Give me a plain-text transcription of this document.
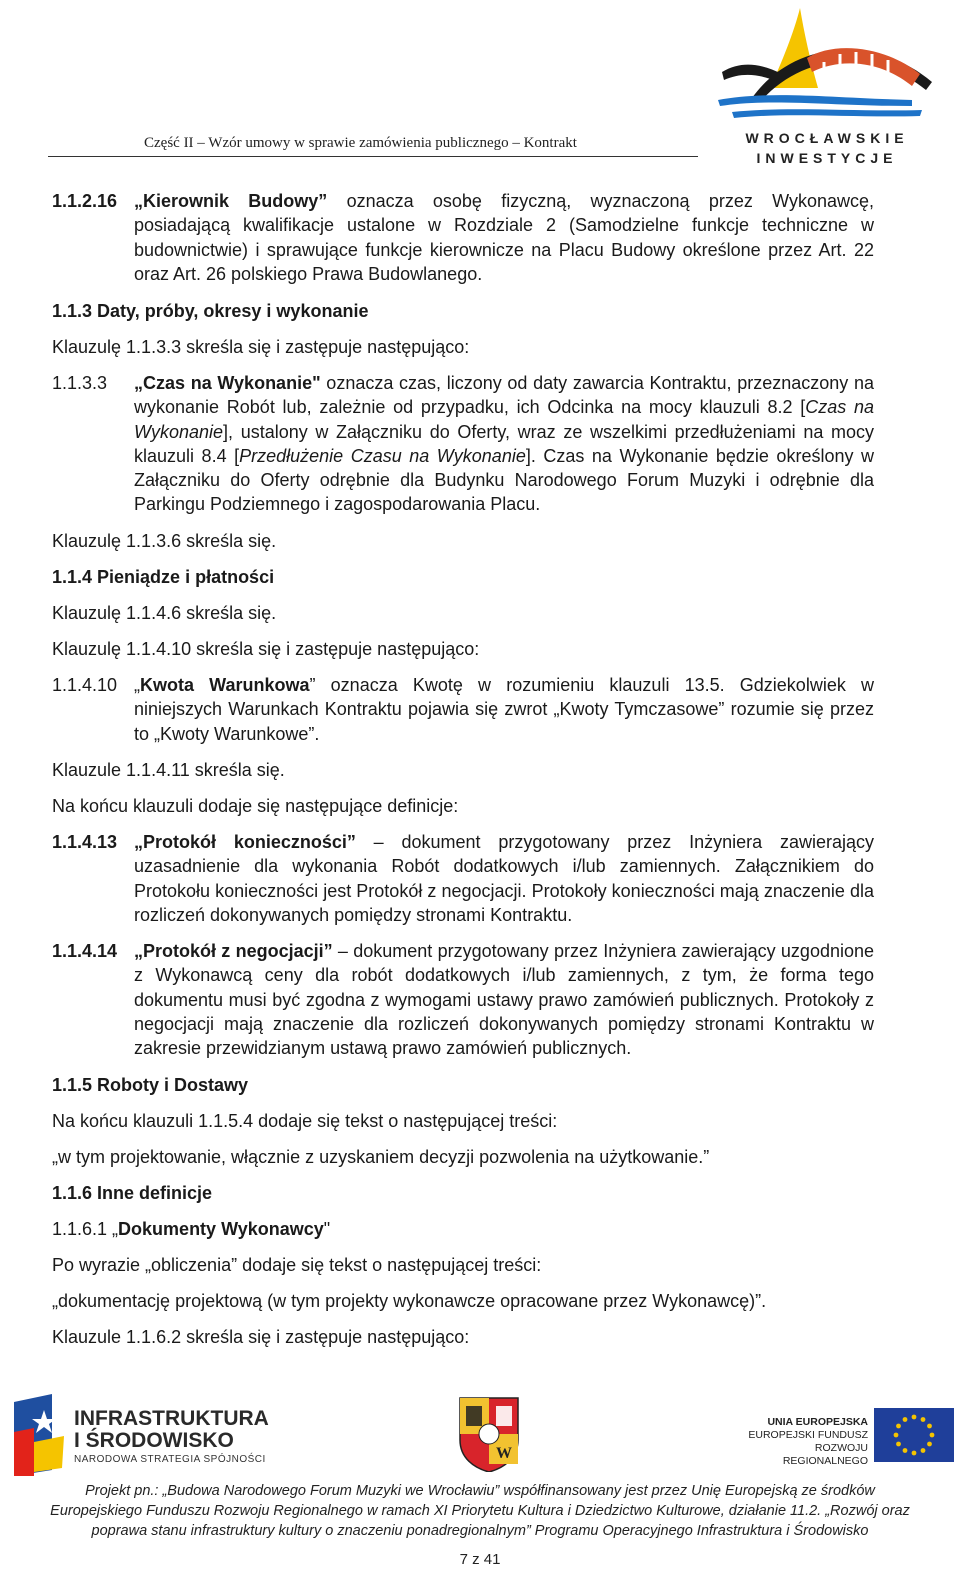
Część II – Wzór umowy w sprawie zamówienia publicznego – Kontrakt	WROCŁAWSKIE
INWESTYCJE
1.1.2.16 „Kierownik Budowy” oznacza osobę fizyczną, wyznaczoną przez Wykonawcę, posiadającą kwalifikacje ustalone w Rozdziale 2 (Samodzielne funkcje techniczne w budownictwie) i sprawujące funkcje kierownicze na Placu Budowy określone przez Art. 22 oraz Art. 26 polskiego Prawa Budowlanego.
1.1.3 Daty, próby, okresy i wykonanie
Klauzulę 1.1.3.3 skreśla się i zastępuje następująco:
1.1.3.3 „Czas na Wykonanie" oznacza czas, liczony od daty zawarcia Kontraktu, przeznaczony na wykonanie Robót lub, zależnie od przypadku, ich Odcinka na mocy klauzuli 8.2 [Czas na Wykonanie], ustalony w Załączniku do Oferty, wraz ze wszelkimi przedłużeniami na mocy klauzuli 8.4 [Przedłużenie Czasu na Wykonanie]. Czas na Wykonanie będzie określony w Załączniku do Oferty odrębnie dla Budynku Narodowego Forum Muzyki i odrębnie dla Parkingu Podziemnego i zagospodarowania Placu.
Klauzulę 1.1.3.6 skreśla się.
1.1.4 Pieniądze i płatności
Klauzulę 1.1.4.6 skreśla się.
Klauzulę 1.1.4.10 skreśla się i zastępuje następująco:
1.1.4.10 „Kwota Warunkowa” oznacza Kwotę w rozumieniu klauzuli 13.5. Gdziekolwiek w niniejszych Warunkach Kontraktu pojawia się zwrot „Kwoty Tymczasowe” rozumie się przez to „Kwoty Warunkowe”.
Klauzule 1.1.4.11 skreśla się.
Na końcu klauzuli dodaje się następujące definicje:
1.1.4.13 „Protokół konieczności” – dokument przygotowany przez Inżyniera zawierający uzasadnienie dla wykonania Robót dodatkowych i/lub zamiennych. Załącznikiem do Protokołu konieczności jest Protokół z negocjacji. Protokoły konieczności mają znaczenie dla rozliczeń dokonywanych pomiędzy stronami Kontraktu.
1.1.4.14 „Protokół z negocjacji” – dokument przygotowany przez Inżyniera zawierający uzgodnione z Wykonawcą ceny dla robót dodatkowych i/lub zamiennych, z tym, że forma tego dokumentu musi być zgodna z wymogami ustawy prawo zamówień publicznych. Protokoły z negocjacji mają znaczenie dla rozliczeń dokonywanych pomiędzy stronami Kontraktu w zakresie przewidzianym ustawą prawo zamówień publicznych.
1.1.5 Roboty i Dostawy
Na końcu klauzuli 1.1.5.4 dodaje się tekst o następującej treści:
„w tym projektowanie, włącznie z uzyskaniem decyzji pozwolenia na użytkowanie.”
1.1.6 Inne definicje
1.1.6.1 „Dokumenty Wykonawcy"
Po wyrazie „obliczenia” dodaje się tekst o następującej treści:
„dokumentację projektową (w tym projekty wykonawcze opracowane przez Wykonawcę)”.
Klauzule 1.1.6.2 skreśla się i zastępuje następująco:
INFRASTRUKTURA
I ŚRODOWISKO
NARODOWA STRATEGIA SPÓJNOŚCI	W
UNIA EUROPEJSKA
EUROPEJSKI FUNDUSZ
ROZWOJU REGIONALNEGO
Projekt pn.: „Budowa Narodowego Forum Muzyki we Wrocławiu” współfinansowany jest przez Unię Europejską ze środków Europejskiego Funduszu Rozwoju Regionalnego w ramach XI Priorytetu Kultura i Dziedzictwo Kulturowe, działanie 11.2. „Rozwój oraz poprawa stanu infrastruktury kultury o znaczeniu ponadregionalnym” Programu Operacyjnego Infrastruktura i Środowisko
7 z 41
